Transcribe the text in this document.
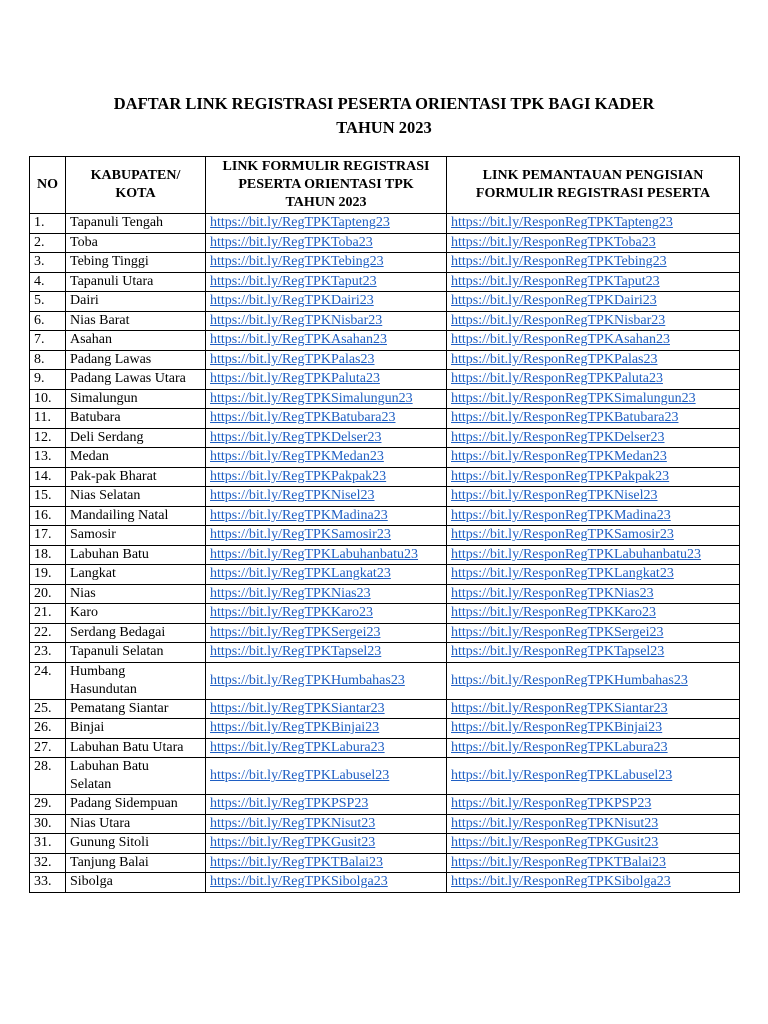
DAFTAR LINK REGISTRASI PESERTA ORIENTASI TPK BAGI KADER
TAHUN 2023
NO	KABUPATEN/ KOTA	LINK FORMULIR REGISTRASI PESERTA ORIENTASI TPK TAHUN 2023	LINK PEMANTAUAN PENGISIAN FORMULIR REGISTRASI PESERTA
1.	Tapanuli Tengah	https://bit.ly/RegTPKTapteng23	https://bit.ly/ResponRegTPKTapteng23
2.	Toba	https://bit.ly/RegTPKToba23	https://bit.ly/ResponRegTPKToba23
3.	Tebing Tinggi	https://bit.ly/RegTPKTebing23	https://bit.ly/ResponRegTPKTebing23
4.	Tapanuli Utara	https://bit.ly/RegTPKTaput23	https://bit.ly/ResponRegTPKTaput23
5.	Dairi	https://bit.ly/RegTPKDairi23	https://bit.ly/ResponRegTPKDairi23
6.	Nias Barat	https://bit.ly/RegTPKNisbar23	https://bit.ly/ResponRegTPKNisbar23
7.	Asahan	https://bit.ly/RegTPKAsahan23	https://bit.ly/ResponRegTPKAsahan23
8.	Padang Lawas	https://bit.ly/RegTPKPalas23	https://bit.ly/ResponRegTPKPalas23
9.	Padang Lawas Utara	https://bit.ly/RegTPKPaluta23	https://bit.ly/ResponRegTPKPaluta23
10.	Simalungun	https://bit.ly/RegTPKSimalungun23	https://bit.ly/ResponRegTPKSimalungun23
11.	Batubara	https://bit.ly/RegTPKBatubara23	https://bit.ly/ResponRegTPKBatubara23
12.	Deli Serdang	https://bit.ly/RegTPKDelser23	https://bit.ly/ResponRegTPKDelser23
13.	Medan	https://bit.ly/RegTPKMedan23	https://bit.ly/ResponRegTPKMedan23
14.	Pak-pak Bharat	https://bit.ly/RegTPKPakpak23	https://bit.ly/ResponRegTPKPakpak23
15.	Nias Selatan	https://bit.ly/RegTPKNisel23	https://bit.ly/ResponRegTPKNisel23
16.	Mandailing Natal	https://bit.ly/RegTPKMadina23	https://bit.ly/ResponRegTPKMadina23
17.	Samosir	https://bit.ly/RegTPKSamosir23	https://bit.ly/ResponRegTPKSamosir23
18.	Labuhan Batu	https://bit.ly/RegTPKLabuhanbatu23	https://bit.ly/ResponRegTPKLabuhanbatu23
19.	Langkat	https://bit.ly/RegTPKLangkat23	https://bit.ly/ResponRegTPKLangkat23
20.	Nias	https://bit.ly/RegTPKNias23	https://bit.ly/ResponRegTPKNias23
21.	Karo	https://bit.ly/RegTPKKaro23	https://bit.ly/ResponRegTPKKaro23
22.	Serdang Bedagai	https://bit.ly/RegTPKSergei23	https://bit.ly/ResponRegTPKSergei23
23.	Tapanuli Selatan	https://bit.ly/RegTPKTapsel23	https://bit.ly/ResponRegTPKTapsel23
24.	Humbang
Hasundutan	https://bit.ly/RegTPKHumbahas23	https://bit.ly/ResponRegTPKHumbahas23
25.	Pematang Siantar	https://bit.ly/RegTPKSiantar23	https://bit.ly/ResponRegTPKSiantar23
26.	Binjai	https://bit.ly/RegTPKBinjai23	https://bit.ly/ResponRegTPKBinjai23
27.	Labuhan Batu Utara	https://bit.ly/RegTPKLabura23	https://bit.ly/ResponRegTPKLabura23
28.	Labuhan Batu
Selatan	https://bit.ly/RegTPKLabusel23	https://bit.ly/ResponRegTPKLabusel23
29.	Padang Sidempuan	https://bit.ly/RegTPKPSP23	https://bit.ly/ResponRegTPKPSP23
30.	Nias Utara	https://bit.ly/RegTPKNisut23	https://bit.ly/ResponRegTPKNisut23
31.	Gunung Sitoli	https://bit.ly/RegTPKGusit23	https://bit.ly/ResponRegTPKGusit23
32.	Tanjung Balai	https://bit.ly/RegTPKTBalai23	https://bit.ly/ResponRegTPKTBalai23
33.	Sibolga	https://bit.ly/RegTPKSibolga23	https://bit.ly/ResponRegTPKSibolga23
